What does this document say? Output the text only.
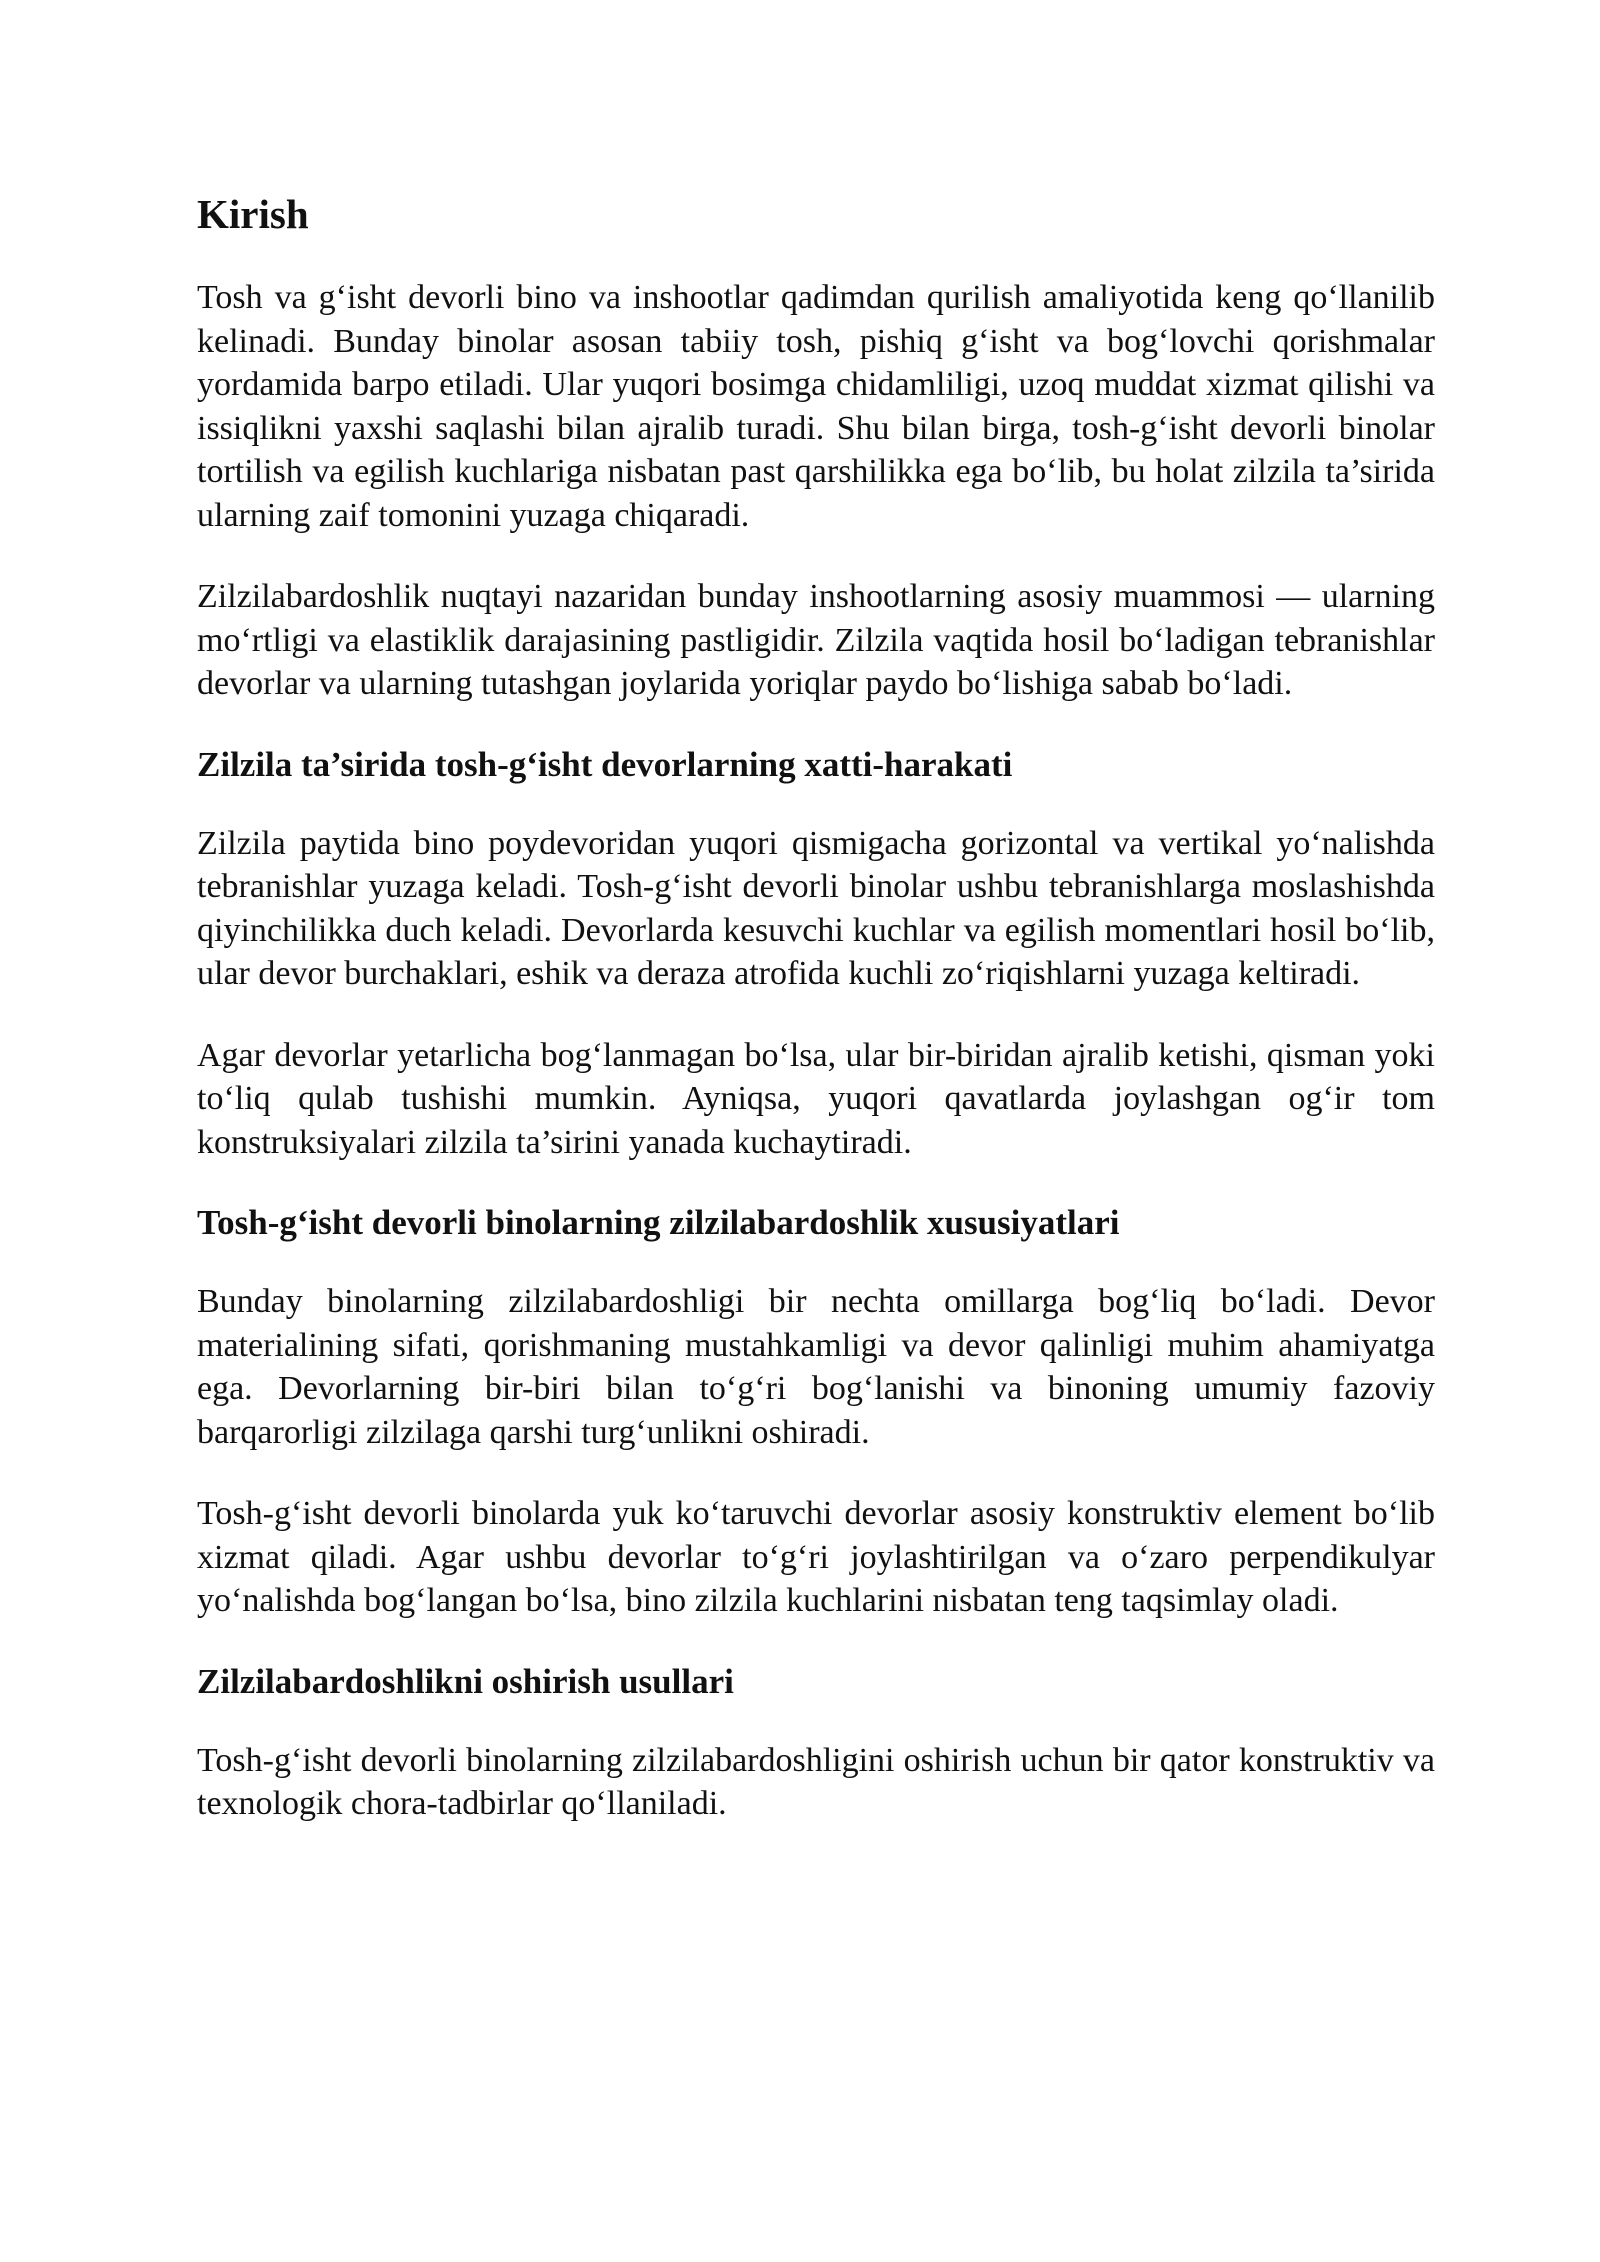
Kirish

Tosh va g‘isht devorli bino va inshootlar qadimdan qurilish amaliyotida keng qo‘llanilib kelinadi. Bunday binolar asosan tabiiy tosh, pishiq g‘isht va bog‘lovchi qorishmalar yordamida barpo etiladi. Ular yuqori bosimga chidamliligi, uzoq muddat xizmat qilishi va issiqlikni yaxshi saqlashi bilan ajralib turadi. Shu bilan birga, tosh-g‘isht devorli binolar tortilish va egilish kuchlariga nisbatan past qarshilikka ega bo‘lib, bu holat zilzila ta’sirida ularning zaif tomonini yuzaga chiqaradi.

Zilzilabardoshlik nuqtayi nazaridan bunday inshootlarning asosiy muammosi — ularning mo‘rtligi va elastiklik darajasining pastligidir. Zilzila vaqtida hosil bo‘ladigan tebranishlar devorlar va ularning tutashgan joylarida yoriqlar paydo bo‘lishiga sabab bo‘ladi.

Zilzila ta’sirida tosh-g‘isht devorlarning xatti-harakati

Zilzila paytida bino poydevoridan yuqori qismigacha gorizontal va vertikal yo‘nalishda tebranishlar yuzaga keladi. Tosh-g‘isht devorli binolar ushbu tebranishlarga moslashishda qiyinchilikka duch keladi. Devorlarda kesuvchi kuchlar va egilish momentlari hosil bo‘lib, ular devor burchaklari, eshik va deraza atrofida kuchli zo‘riqishlarni yuzaga keltiradi.

Agar devorlar yetarlicha bog‘lanmagan bo‘lsa, ular bir-biridan ajralib ketishi, qisman yoki to‘liq qulab tushishi mumkin. Ayniqsa, yuqori qavatlarda joylashgan og‘ir tom konstruksiyalari zilzila ta’sirini yanada kuchaytiradi.

Tosh-g‘isht devorli binolarning zilzilabardoshlik xususiyatlari

Bunday binolarning zilzilabardoshligi bir nechta omillarga bog‘liq bo‘ladi. Devor materialining sifati, qorishmaning mustahkamligi va devor qalinligi muhim ahamiyatga ega. Devorlarning bir-biri bilan to‘g‘ri bog‘lanishi va binoning umumiy fazoviy barqarorligi zilzilaga qarshi turg‘unlikni oshiradi.

Tosh-g‘isht devorli binolarda yuk ko‘taruvchi devorlar asosiy konstruktiv element bo‘lib xizmat qiladi. Agar ushbu devorlar to‘g‘ri joylashtirilgan va o‘zaro perpendikulyar yo‘nalishda bog‘langan bo‘lsa, bino zilzila kuchlarini nisbatan teng taqsimlay oladi.

Zilzilabardoshlikni oshirish usullari

Tosh-g‘isht devorli binolarning zilzilabardoshligini oshirish uchun bir qator konstruktiv va texnologik chora-tadbirlar qo‘llaniladi.
